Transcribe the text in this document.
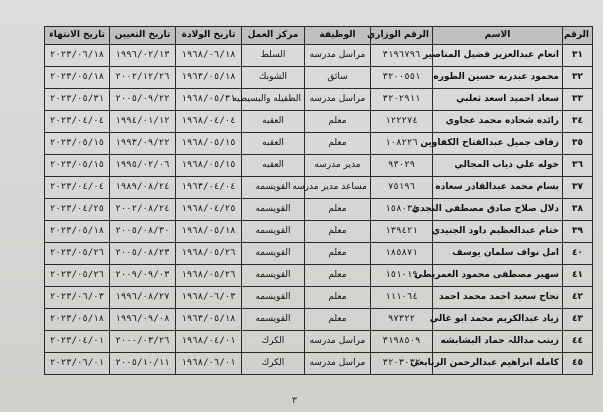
الرقم	الاسم	الرقم الوزاري	الوظيفة	مركز العمل	تاريخ الولادة	تاريخ التعيين	تاريخ الانتهاء
٣١	انعام عبدالعزيز فضيل المناصير	٣١٩٦٧٩٦	مراسل مدرسه	السلط	١٩٦٨/٠٦/١٨	١٩٩٦/٠٢/١٣	٢٠٢٣/٠٦/١٨
٣٢	محمود عبدربه حسين الطوره	٣٢٠٠٥٥١	سائق	الشوبك	١٩٦٣/٠٥/١٨	٢٠٠٢/١٢/٢٦	٢٠٢٣/٠٥/١٨
٣٣	سعاد احميد اسعد ثعلبي	٣٢٠٢٩١١	مراسل مدرسه	الطفيله والبسيطيه	١٩٦٨/٠٥/٣١	٢٠٠٥/٠٩/٢٢	٢٠٢٣/٠٥/٣١
٣٤	رائده شحاده محمد عجاوي	١٢٢٢٧٤	معلم	العقبه	١٩٦٨/٠٤/٠٤	١٩٩٤/٠١/١٢	٢٠٢٣/٠٤/٠٤
٣٥	زفاف جميل عبدالفتاح الكفاوين	١٠٨٢٢٦	معلم	العقبه	١٩٦٨/٠٥/١٥	١٩٩٣/٠٩/٢٢	٢٠٢٣/٠٥/١٥
٣٦	خوله علي ذياب المجالي	٩٣٠٢٩	مدير مدرسه	العقبه	١٩٦٨/٠٥/١٥	١٩٩٥/٠٢/٠٦	٢٠٢٣/٠٥/١٥
٣٧	بسام محمد عبدالقادر سعاده	٧٥١٩٦	مساعد مدير مدرسه	القويسمه	١٩٦٣/٠٤/٠٤	١٩٨٩/٠٨/٢٤	٢٠٢٣/٠٤/٠٤
٣٨	دلال صلاح صادق مصطفى النجدي	١٥٨٠٣٤	معلم	القويسمه	١٩٦٨/٠٤/٢٥	٢٠٠٢/٠٨/٢٤	٢٠٢٣/٠٤/٢٥
٣٩	ختام عبدالعظيم داود الجنيدي	١٣٩٤٢١	معلم	القويسمه	١٩٦٨/٠٥/١٨	٢٠٠٥/٠٨/٣٠	٢٠٢٣/٠٥/١٨
٤٠	امل نواف سلمان يوسف	١٨٥٨٧١	معلم	القويسمه	١٩٦٨/٠٥/٢٦	٢٠٠٥/٠٨/٢٣	٢٠٢٣/٠٥/٢٦
٤١	سهير مصطفى محمود العمريطي	١٥١٠١٩	معلم	القويسمه	١٩٦٨/٠٥/٢٦	٢٠٠٩/٠٩/٠٣	٢٠٢٣/٠٥/٢٦
٤٢	نجاح سعيد احمد محمد احمد	١١١٠٦٤	معلم	القويسمه	١٩٦٨/٠٦/٠٣	١٩٩٦/٠٨/٢٧	٢٠٢٣/٠٦/٠٣
٤٣	زياد عبدالكريم محمد ابو غالي	٩٧٣٢٢	معلم	القويسمه	١٩٦٣/٠٥/١٨	١٩٩٦/٠٩/٠٨	٢٠٢٣/٠٥/١٨
٤٤	زينب مداللہ حماد البشابشه	٣١٩٨٥٠٩	مراسل مدرسه	الكرك	١٩٦٨/٠٤/٠١	٢٠٠٠/٠٣/٢٦	٢٠٢٣/٠٤/٠١
٤٥	كامله ابراهيم عبدالرحمن الربابعي	٣٢٠٣٠٣٢	مراسل مدرسه	الكرك	١٩٦٨/٠٦/٠١	٢٠٠٥/١٠/١١	٢٠٢٣/٠٦/٠١
٣
